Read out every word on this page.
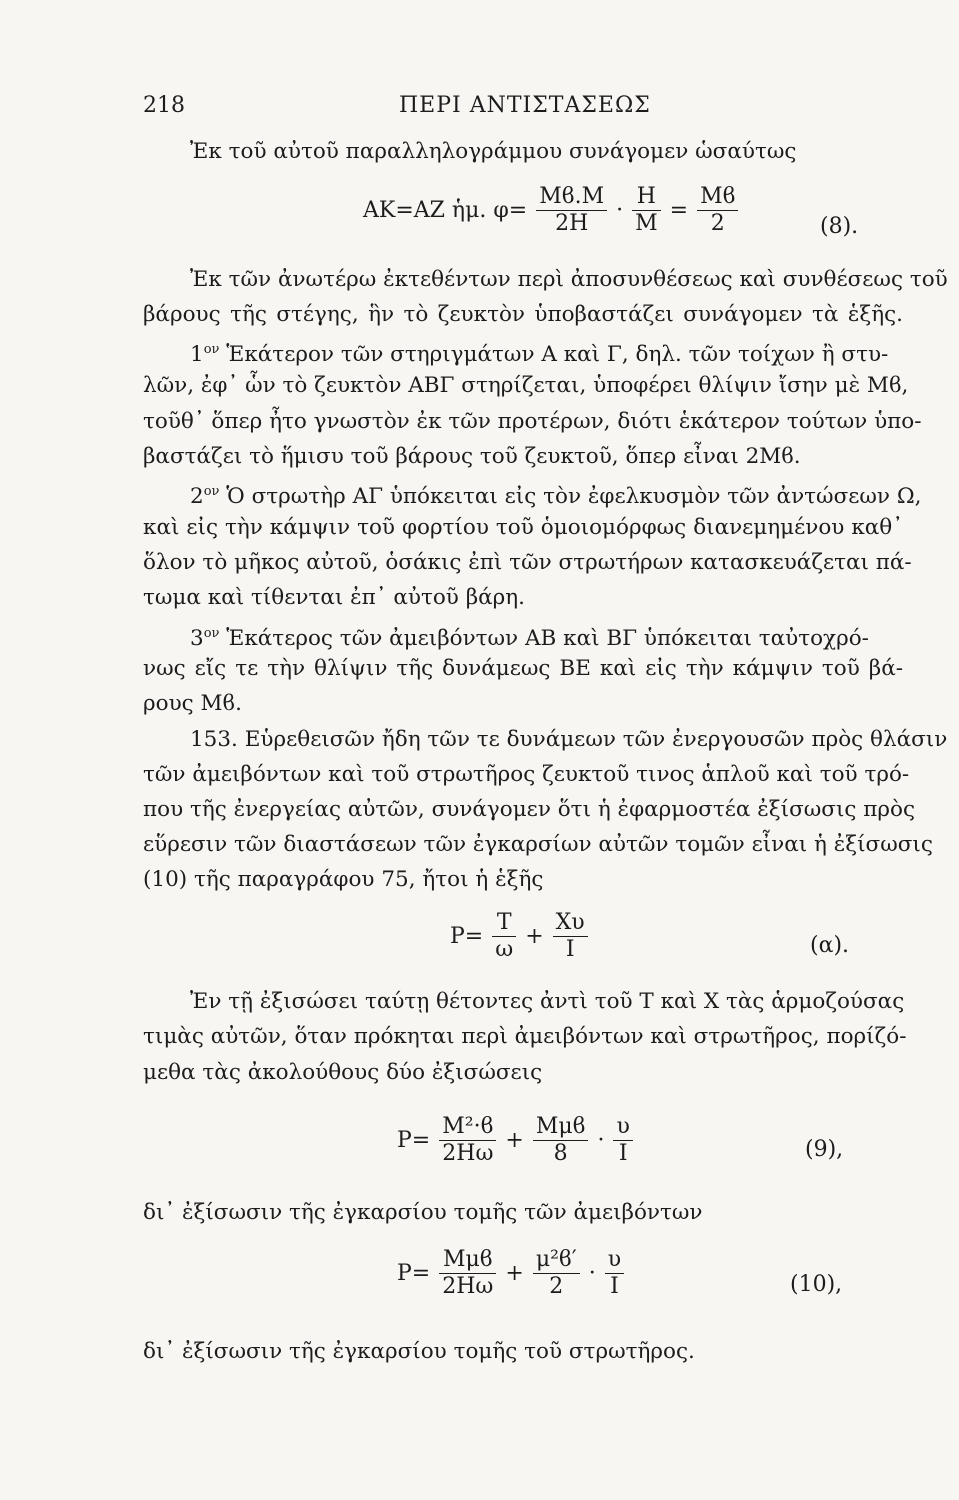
218	ΠΕΡΙ ΑΝΤΙΣΤΑΣΕΩΣ
Ἐκ τοῦ αὐτοῦ παραλληλογράμμου συνάγομεν ὡσαύτως
ΑΚ=ΑΖ ἡμ. $\varphi= \frac{Mϐ.M}{2H} \cdot \frac{H}{M} = \frac{Mϐ}{2}$	(8).
Ἐκ τῶν ἀνωτέρω ἐκτεθέντων περὶ ἀποσυνθέσεως καὶ συνθέσεως τοῦ
βάρους τῆς στέγης, ἣν τὸ ζευκτὸν ὑποβαστάζει συνάγομεν τὰ ἑξῆς.
$1^{o\nu}$ Ἑκάτερον τῶν στηριγμάτων Α καὶ Γ, δηλ. τῶν τοίχων ἢ στυ-
λῶν, ἐφ᾽ ὧν τὸ ζευκτὸν ΑΒΓ στηρίζεται, ὑποφέρει θλίψιν ἴσην μὲ Μϐ,
τοῦθ᾽ ὅπερ ἦτο γνωστὸν ἐκ τῶν προτέρων, διότι ἑκάτερον τούτων ὑπο-
βαστάζει τὸ ἥμισυ τοῦ βάρους τοῦ ζευκτοῦ, ὅπερ εἶναι 2Μϐ.
$2^{o\nu}$ Ὁ στρωτὴρ ΑΓ ὑπόκειται εἰς τὸν ἐφελκυσμὸν τῶν ἀντώσεων Ω,
καὶ εἰς τὴν κάμψιν τοῦ φορτίου τοῦ ὁμοιομόρφως διανεμημένου καθ᾽
ὅλον τὸ μῆκος αὐτοῦ, ὁσάκις ἐπὶ τῶν στρωτήρων κατασκευάζεται πά-
τωμα καὶ τίθενται ἐπ᾽ αὐτοῦ βάρη.
$3^{o\nu}$ Ἑκάτερος τῶν ἀμειβόντων ΑΒ καὶ ΒΓ ὑπόκειται ταὐτοχρό-
νως εἴς τε τὴν θλίψιν τῆς δυνάμεως ΒΕ καὶ εἰς τὴν κάμψιν τοῦ βά-
ρους Μϐ.
153. Εὑρεθεισῶν ἤδη τῶν τε δυνάμεων τῶν ἐνεργουσῶν πρὸς θλάσιν
τῶν ἀμειβόντων καὶ τοῦ στρωτῆρος ζευκτοῦ τινος ἁπλοῦ καὶ τοῦ τρό-
που τῆς ἐνεργείας αὐτῶν, συνάγομεν ὅτι ἡ ἐφαρμοστέα ἐξίσωσις πρὸς
εὕρεσιν τῶν διαστάσεων τῶν ἐγκαρσίων αὐτῶν τομῶν εἶναι ἡ ἐξίσωσις
(10) τῆς παραγράφου 75, ἤτοι ἡ ἑξῆς
$P= \frac{T}{\omega} + \frac{X\upsilon}{I}$	(α).
Ἐν τῇ ἐξισώσει ταύτῃ θέτοντες ἀντὶ τοῦ Τ καὶ Χ τὰς ἁρμοζούσας
τιμὰς αὐτῶν, ὅταν πρόκηται περὶ ἀμειβόντων καὶ στρωτῆρος, πορίζό-
μεθα τὰς ἀκολούθους δύο ἐξισώσεις
$P= \frac{\text{Μ²·ϐ}}{2H\omega} + \frac{\text{Μμϐ}}{8} \cdot \frac{\upsilon}{I}$	(9),
δι᾽ ἐξίσωσιν τῆς ἐγκαρσίου τομῆς τῶν ἀμειβόντων
$P= \frac{\text{Μμϐ}}{2H\omega} + \frac{\text{μ²ϐ′}}{2} \cdot \frac{\upsilon}{I}$	(10),
δι᾽ ἐξίσωσιν τῆς ἐγκαρσίου τομῆς τοῦ στρωτῆρος.
